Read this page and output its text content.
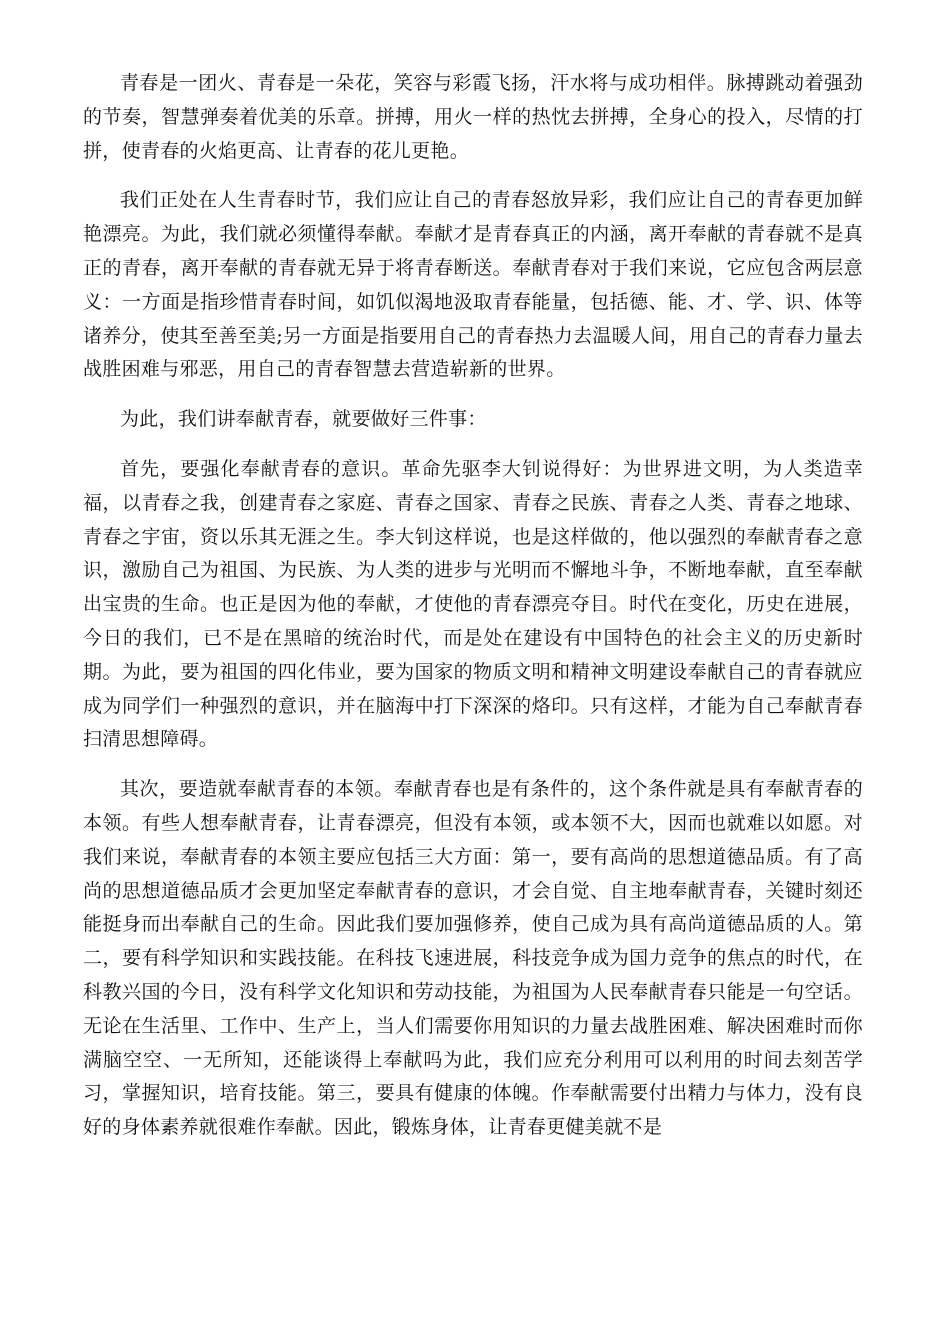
青春是一团火、青春是一朵花，笑容与彩霞飞扬，汗水将与成功相伴。脉搏跳动着强劲的节奏，智慧弹奏着优美的乐章。拼搏，用火一样的热忱去拼搏，全身心的投入，尽情的打拼，使青春的火焰更高、让青春的花儿更艳。

我们正处在人生青春时节，我们应让自己的青春怒放异彩，我们应让自己的青春更加鲜艳漂亮。为此，我们就必须懂得奉献。奉献才是青春真正的内涵，离开奉献的青春就不是真正的青春，离开奉献的青春就无异于将青春断送。奉献青春对于我们来说，它应包含两层意义：一方面是指珍惜青春时间，如饥似渴地汲取青春能量，包括德、能、才、学、识、体等诸养分，使其至善至美;另一方面是指要用自己的青春热力去温暖人间，用自己的青春力量去战胜困难与邪恶，用自己的青春智慧去营造崭新的世界。

为此，我们讲奉献青春，就要做好三件事：

首先，要强化奉献青春的意识。革命先驱李大钊说得好：为世界进文明，为人类造幸福，以青春之我，创建青春之家庭、青春之国家、青春之民族、青春之人类、青春之地球、青春之宇宙，资以乐其无涯之生。李大钊这样说，也是这样做的，他以强烈的奉献青春之意识，激励自己为祖国、为民族、为人类的进步与光明而不懈地斗争，不断地奉献，直至奉献出宝贵的生命。也正是因为他的奉献，才使他的青春漂亮夺目。时代在变化，历史在进展，今日的我们，已不是在黑暗的统治时代，而是处在建设有中国特色的社会主义的历史新时期。为此，要为祖国的四化伟业，要为国家的物质文明和精神文明建设奉献自己的青春就应成为同学们一种强烈的意识，并在脑海中打下深深的烙印。只有这样，才能为自己奉献青春扫清思想障碍。

其次，要造就奉献青春的本领。奉献青春也是有条件的，这个条件就是具有奉献青春的本领。有些人想奉献青春，让青春漂亮，但没有本领，或本领不大，因而也就难以如愿。对我们来说，奉献青春的本领主要应包括三大方面：第一，要有高尚的思想道德品质。有了高尚的思想道德品质才会更加坚定奉献青春的意识，才会自觉、自主地奉献青春，关键时刻还能挺身而出奉献自己的生命。因此我们要加强修养，使自己成为具有高尚道德品质的人。第二，要有科学知识和实践技能。在科技飞速进展，科技竞争成为国力竞争的焦点的时代，在科教兴国的今日，没有科学文化知识和劳动技能，为祖国为人民奉献青春只能是一句空话。无论在生活里、工作中、生产上，当人们需要你用知识的力量去战胜困难、解决困难时而你满脑空空、一无所知，还能谈得上奉献吗为此，我们应充分利用可以利用的时间去刻苦学习，掌握知识，培育技能。第三，要具有健康的体魄。作奉献需要付出精力与体力，没有良好的身体素养就很难作奉献。因此，锻炼身体，让青春更健美就不是
